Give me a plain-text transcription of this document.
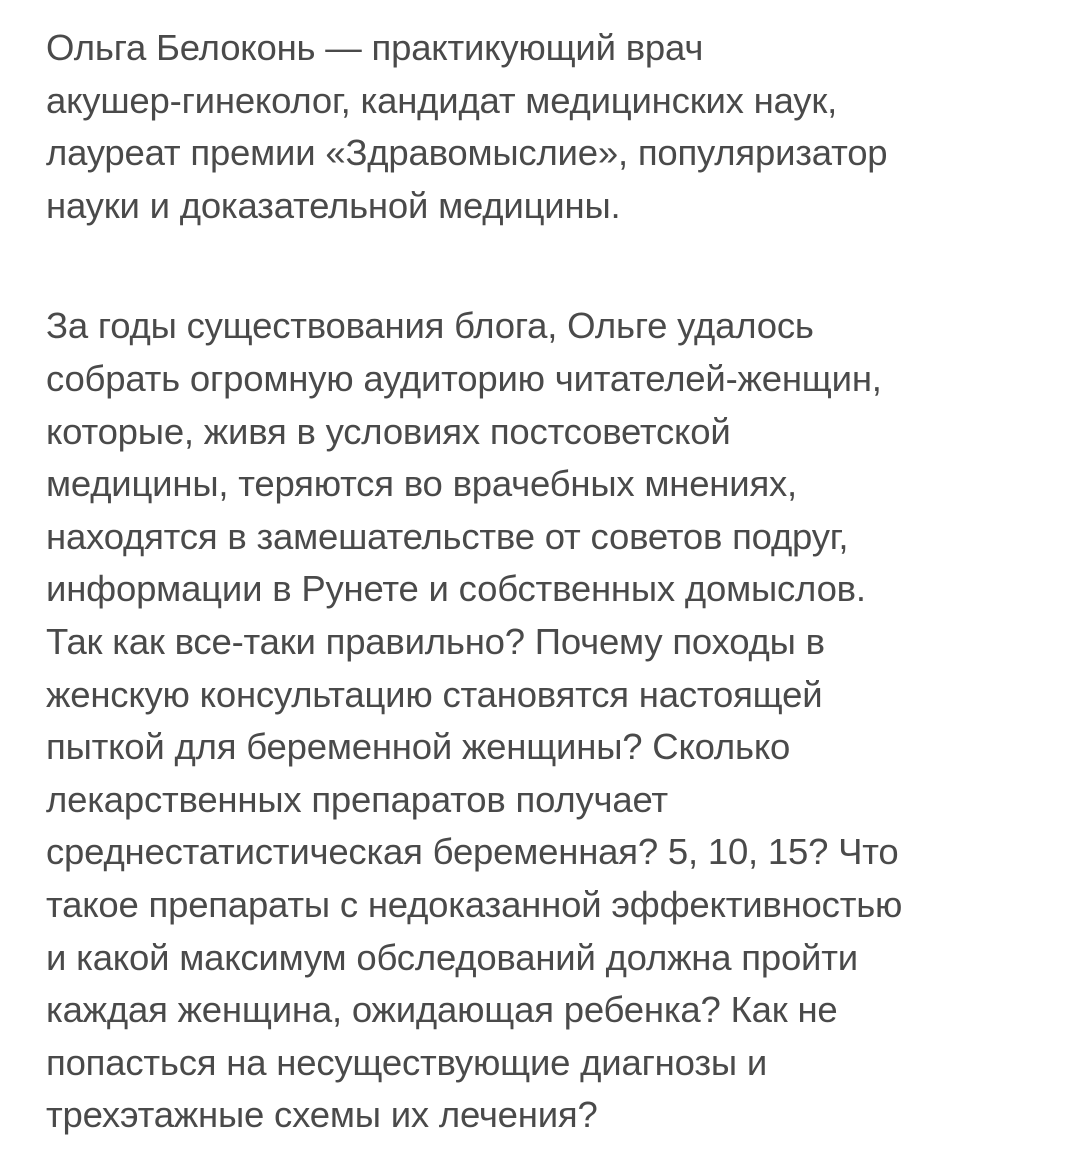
Ольга Белоконь — практикующий врач
акушер-гинеколог, кандидат медицинских наук,
лауреат премии «Здравомыслие», популяризатор
науки и доказательной медицины.
За годы существования блога, Ольге удалось
собрать огромную аудиторию читателей-женщин,
которые, живя в условиях постсоветской
медицины, теряются во врачебных мнениях,
находятся в замешательстве от советов подруг,
информации в Рунете и собственных домыслов.
Так как все-таки правильно? Почему походы в
женскую консультацию становятся настоящей
пыткой для беременной женщины? Сколько
лекарственных препаратов получает
среднестатистическая беременная? 5, 10, 15? Что
такое препараты с недоказанной эффективностью
и какой максимум обследований должна пройти
каждая женщина, ожидающая ребенка? Как не
попасться на несуществующие диагнозы и
трехэтажные схемы их лечения?
